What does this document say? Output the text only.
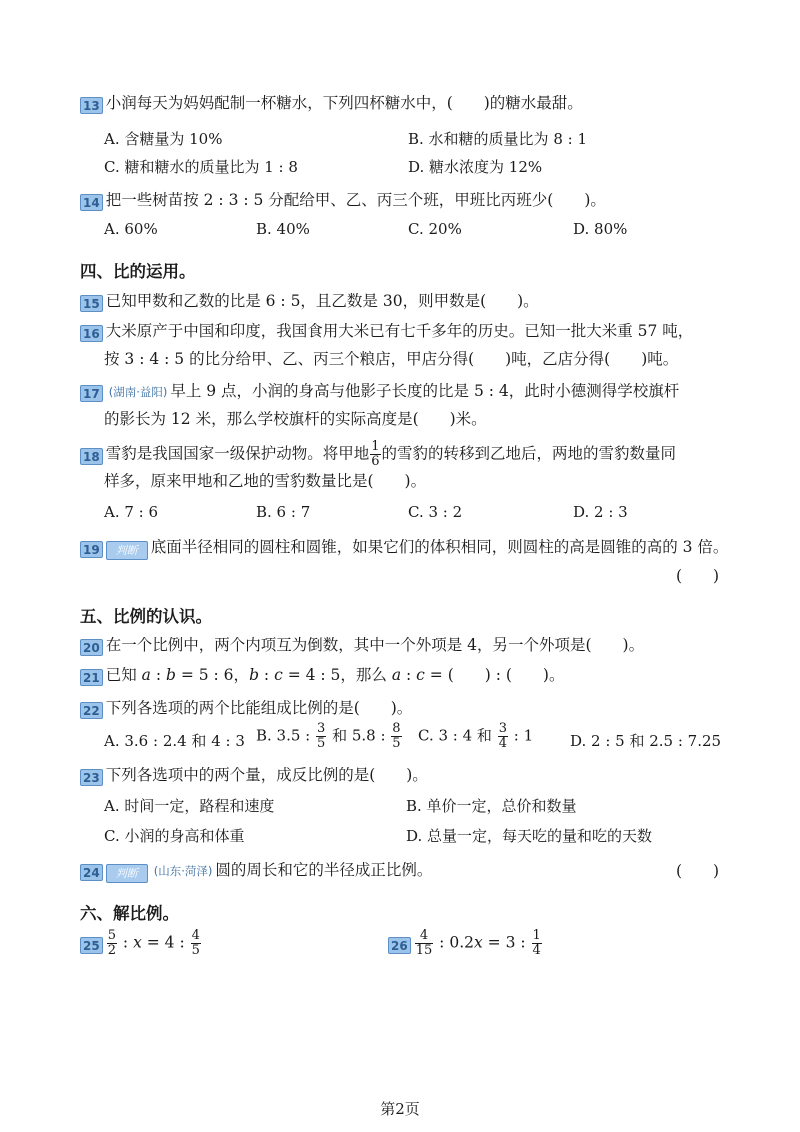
13 小润每天为妈妈配制一杯糖水，下列四杯糖水中，(　　)的糖水最甜。
A. 含糖量为 10%	B. 水和糖的质量比为 8 : 1
C. 糖和糖水的质量比为 1 : 8	D. 糖水浓度为 12%
14 把一些树苗按 2 : 3 : 5 分配给甲、乙、丙三个班，甲班比丙班少(　　)。
A. 60%	B. 40%	C. 20%	D. 80%
四、比的运用。
15 已知甲数和乙数的比是 6 : 5，且乙数是 30，则甲数是(　　)。
16 大米原产于中国和印度，我国食用大米已有七千多年的历史。已知一批大米重 57 吨，
按 3 : 4 : 5 的比分给甲、乙、丙三个粮店，甲店分得(　　)吨，乙店分得(　　)吨。
17 (湖南·益阳) 早上 9 点，小润的身高与他影子长度的比是 5 : 4，此时小德测得学校旗杆
的影长为 12 米，那么学校旗杆的实际高度是(　　)米。
18 雪豹是我国国家一级保护动物。将甲地 $\frac{1}{6}$ 的雪豹的转移到乙地后，两地的雪豹数量同
样多，原来甲地和乙地的雪豹数量比是(　　)。
A. 7 : 6	B. 6 : 7	C. 3 : 2	D. 2 : 3
19 判断 底面半径相同的圆柱和圆锥，如果它们的体积相同，则圆柱的高是圆锥的高的 3 倍。
(　　)
五、比例的认识。
20 在一个比例中，两个内项互为倒数，其中一个外项是 4，另一个外项是(　　)。
21 已知 a : b = 5 : 6，b : c = 4 : 5，那么 a : c = (　　) : (　　)。
22 下列各选项的两个比能组成比例的是(　　)。
A. 3.6 : 2.4 和 4 : 3 B. 3.5 : $\frac{3}{5}$ 和 5.8 : $\frac{8}{5} C$. 3 : 4 和 $\frac{3}{4}$ : 1 D. 2 : 5 和 2.5 : 7.25
23 下列各选项中的两个量，成反比例的是(　　)。
A. 时间一定，路程和速度	B. 单价一定，总价和数量
C. 小润的身高和体重	D. 总量一定，每天吃的量和吃的天数
24 判断 (山东·菏泽) 圆的周长和它的半径成正比例。	(　　)
六、解比例。
$25 \frac{5}{2}$ : x = 4 : $\frac{4}{5}$	$26 \frac{4}{15}$ : 0.2x = 3 : $\frac{1}{4}$
第2页
